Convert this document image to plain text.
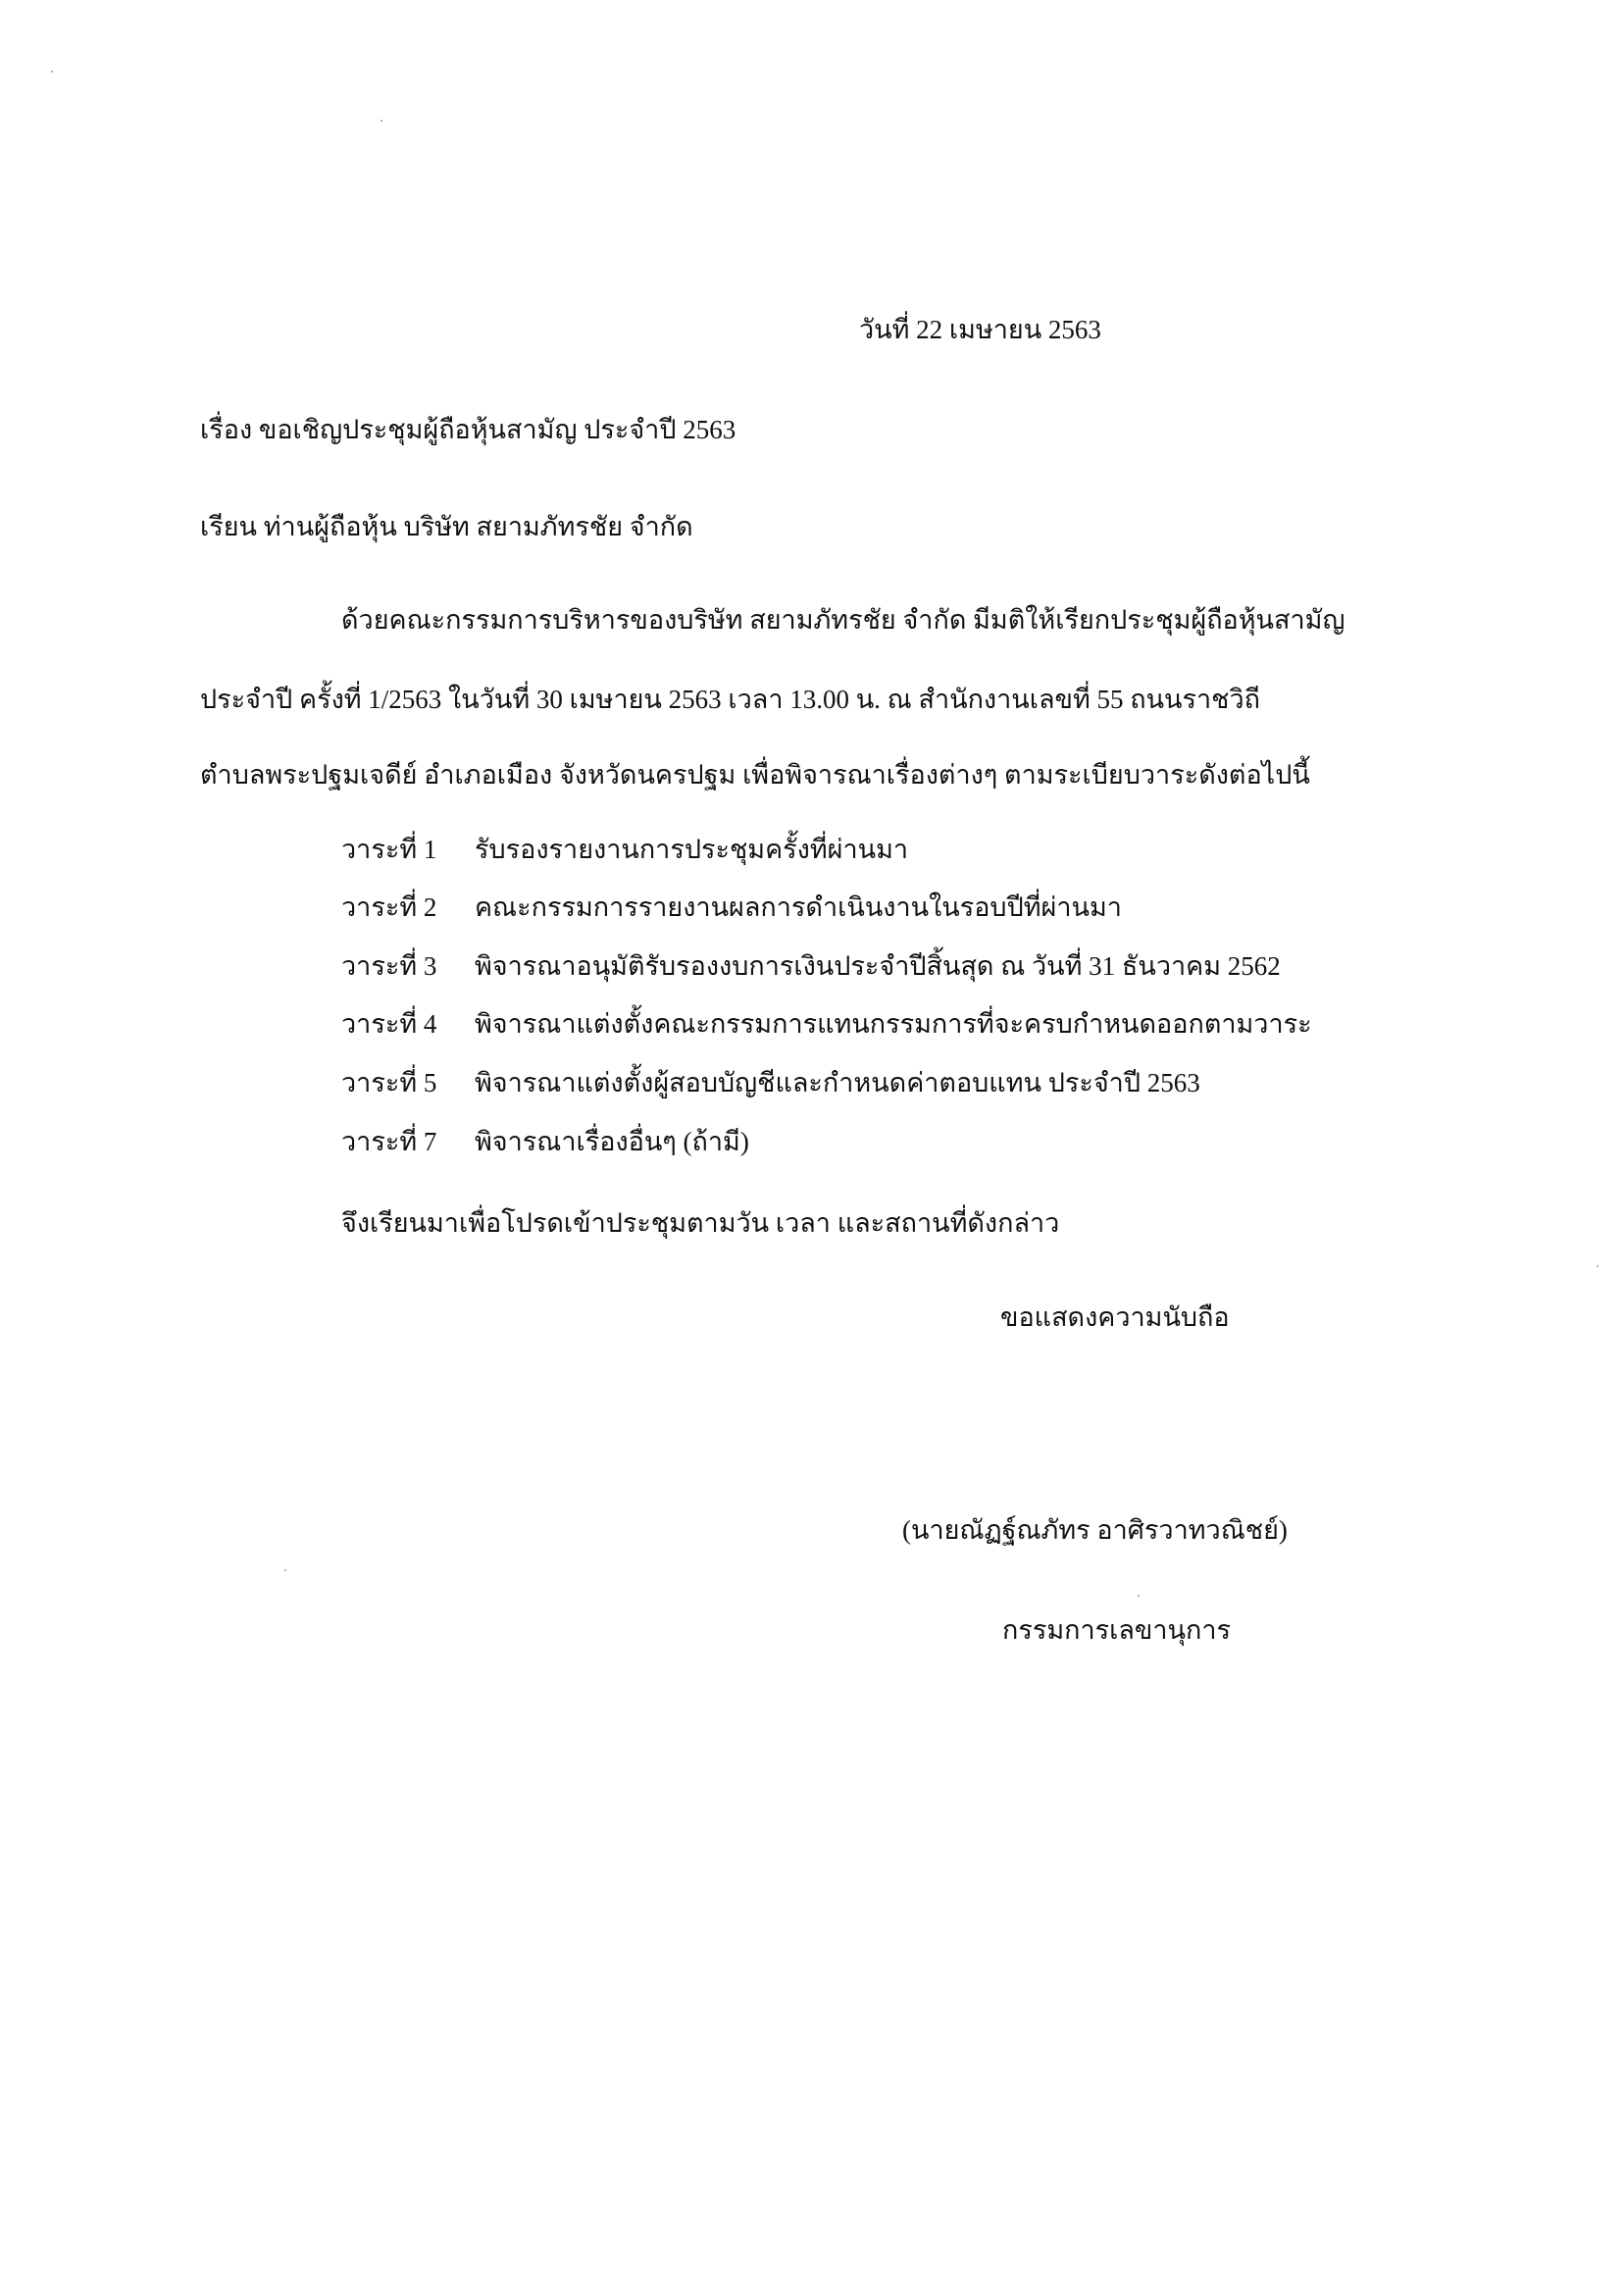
วันที่ 22 เมษายน 2563
เรื่อง ขอเชิญประชุมผู้ถือหุ้นสามัญ ประจำปี 2563
เรียน ท่านผู้ถือหุ้น บริษัท สยามภัทรชัย จำกัด
ด้วยคณะกรรมการบริหารของบริษัท สยามภัทรชัย จำกัด มีมติให้เรียกประชุมผู้ถือหุ้นสามัญ
ประจำปี ครั้งที่ 1/2563 ในวันที่ 30 เมษายน 2563 เวลา 13.00 น. ณ สำนักงานเลขที่ 55 ถนนราชวิถี
ตำบลพระปฐมเจดีย์ อำเภอเมือง จังหวัดนครปฐม เพื่อพิจารณาเรื่องต่างๆ ตามระเบียบวาระดังต่อไปนี้
วาระที่ 1 รับรองรายงานการประชุมครั้งที่ผ่านมา
วาระที่ 2 คณะกรรมการรายงานผลการดำเนินงานในรอบปีที่ผ่านมา
วาระที่ 3 พิจารณาอนุมัติรับรองงบการเงินประจำปีสิ้นสุด ณ วันที่ 31 ธันวาคม 2562
วาระที่ 4 พิจารณาแต่งตั้งคณะกรรมการแทนกรรมการที่จะครบกำหนดออกตามวาระ
วาระที่ 5 พิจารณาแต่งตั้งผู้สอบบัญชีและกำหนดค่าตอบแทน ประจำปี 2563
วาระที่ 7 พิจารณาเรื่องอื่นๆ (ถ้ามี)
จึงเรียนมาเพื่อโปรดเข้าประชุมตามวัน เวลา และสถานที่ดังกล่าว
ขอแสดงความนับถือ
(นายณัฏฐ์ณภัทร อาศิรวาทวณิชย์)
กรรมการเลขานุการ
